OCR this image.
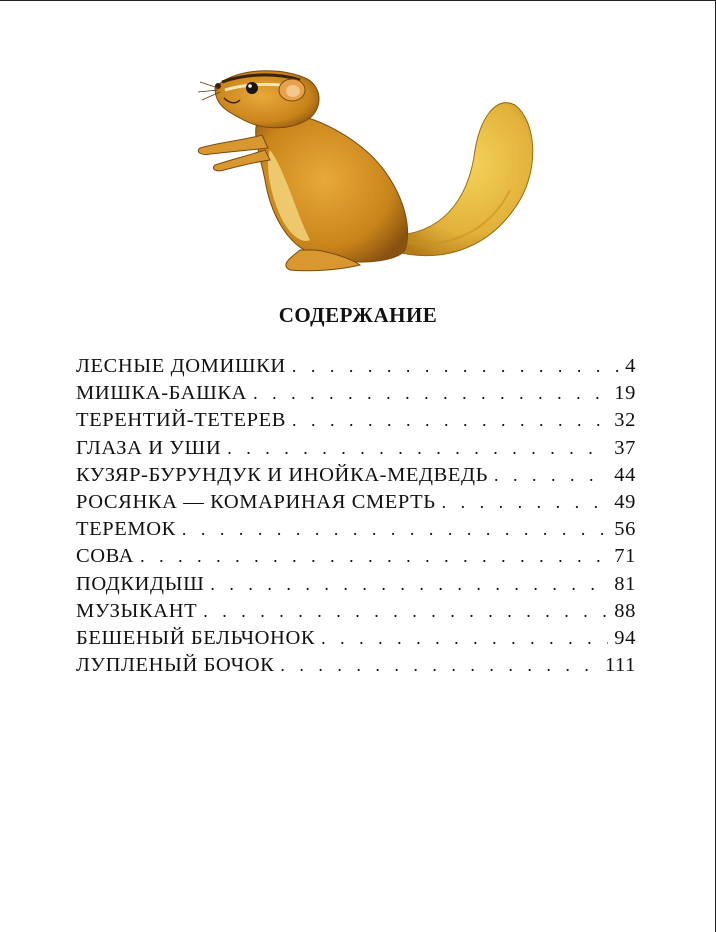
СОДЕРЖАНИЕ
ЛЕСНЫЕ ДОМИШКИ . . .	4
МИШКА-БАШКА . . .	19
ТЕРЕНТИЙ-ТЕТЕРЕВ . . .	32
ГЛАЗА И УШИ . . .	37
КУЗЯР-БУРУНДУК И ИНОЙКА-МЕДВЕДЬ . . .	44
РОСЯНКА — КОМАРИНАЯ СМЕРТЬ . . .	49
ТЕРЕМОК . . .	56
СОВА . . .	71
ПОДКИДЫШ . . .	81
МУЗЫКАНТ . . .	88
БЕШЕНЫЙ БЕЛЬЧОНОК . . .	94
ЛУПЛЕНЫЙ БОЧОК . . .	111
